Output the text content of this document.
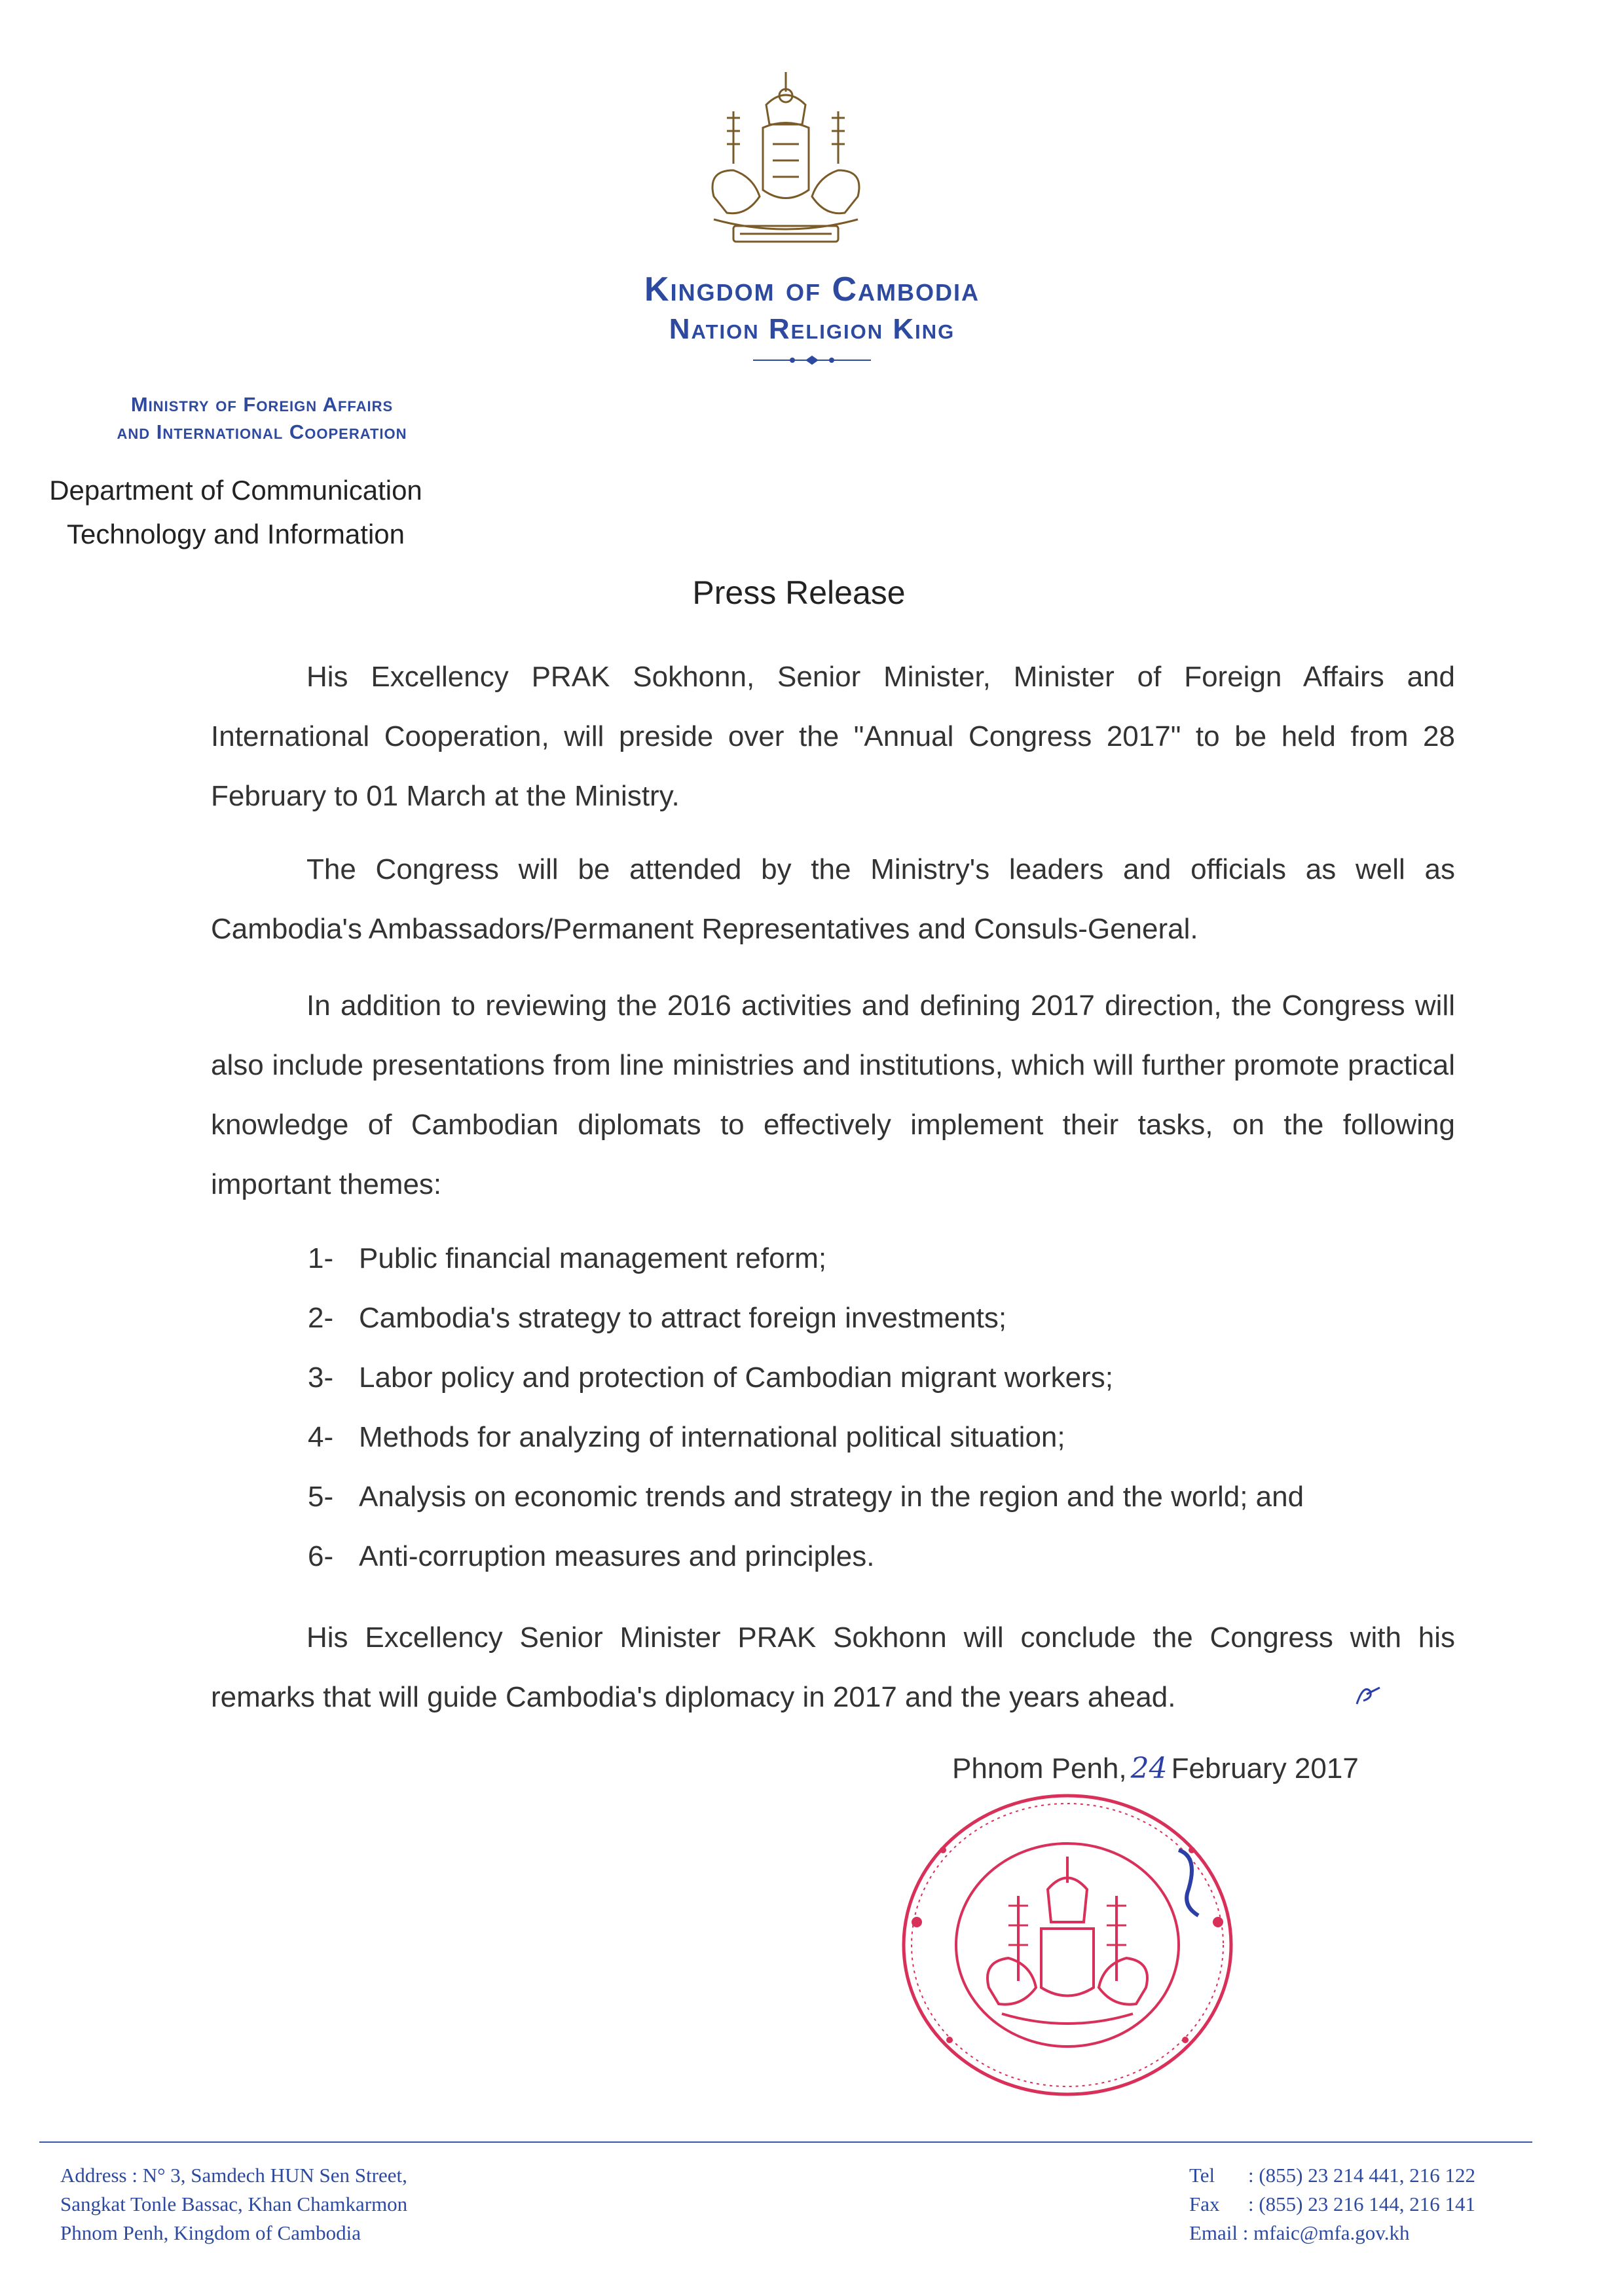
Kingdom of Cambodia
Nation Religion King
Ministry of Foreign Affairs
and International Cooperation
Department of Communication
Technology and Information
Press Release

His Excellency PRAK Sokhonn, Senior Minister, Minister of Foreign Affairs and International Cooperation, will preside over the "Annual Congress 2017" to be held from 28 February to 01 March at the Ministry.

The Congress will be attended by the Ministry's leaders and officials as well as Cambodia's Ambassadors/Permanent Representatives and Consuls-General.

In addition to reviewing the 2016 activities and defining 2017 direction, the Congress will also include presentations from line ministries and institutions, which will further promote practical knowledge of Cambodian diplomats to effectively implement their tasks, on the following important themes:

1- Public financial management reform;
2- Cambodia's strategy to attract foreign investments;
3- Labor policy and protection of Cambodian migrant workers;
4- Methods for analyzing of international political situation;
5- Analysis on economic trends and strategy in the region and the world; and
6- Anti-corruption measures and principles.

His Excellency Senior Minister PRAK Sokhonn will conclude the Congress with his remarks that will guide Cambodia's diplomacy in 2017 and the years ahead.

Phnom Penh, 24 February 2017
Address : N° 3, Samdech HUN Sen Street,
Sangkat Tonle Bassac, Khan Chamkarmon
Phnom Penh, Kingdom of Cambodia
Tel : (855) 23 214 441, 216 122
Fax : (855) 23 216 144, 216 141
Email : mfaic@mfa.gov.kh
